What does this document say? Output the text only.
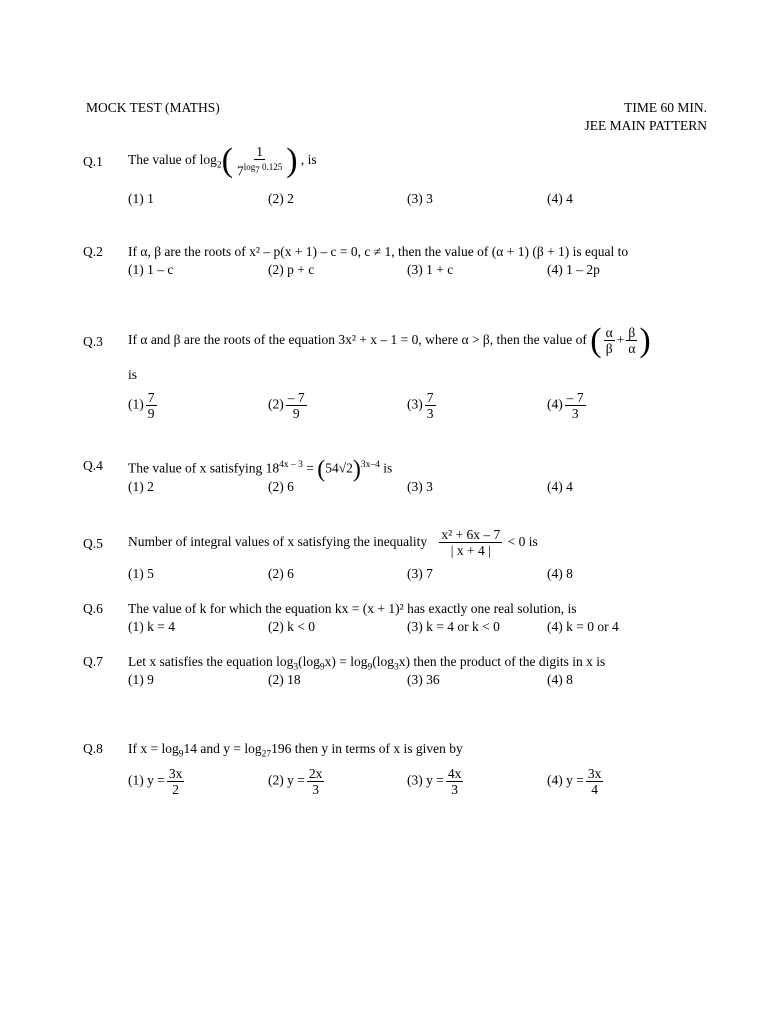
MOCK TEST (MATHS)	TIME 60 MIN.
JEE MAIN PATTERN
Q.1 The value of $\log_2( \frac{1}{7^{log_7 0.125}}$ ) , is
(1) 1	(2) 2	(3) 3	(4) 4
Q.2 If α, β are the roots of x² – p(x + 1) – c = 0, c ≠ 1, then the value of (α + 1) (β + 1) is equal to
(1) 1 – c	(2) p + c	(3) 1 + c	(4) 1 – 2p
Q.3 If α and β are the roots of the equation 3x² + x – 1 = 0, where α > β, then the value of ( $\frac{\alpha}{\beta} + \frac{\beta}{\alpha}$ )
is
$(1) \frac{7}{9}$	$(2) \frac{- 7}{9}$	$(3) \frac{7}{3}$	$(4) \frac{- 7}{3}$
Q.4 The value of x satisfying $18^{4x - 3} = (54√2)^{3x-4}$ is
(1) 2	(2) 6	(3) 3	(4) 4
Q.5 Number of integral values of x satisfying the inequality $\frac{\text{x² + 6x – 7}}{| x + 4 |} < 0$ is
(1) 5	(2) 6	(3) 7	(4) 8
Q.6 The value of k for which the equation kx = (x + 1)² has exactly one real solution, is
(1) k = 4	(2) k < 0	(3) k = 4 or k < 0	(4) k = 0 or 4
Q.7 Let x satisfies the equation $\log_3(\log_9x) = \log_9(\log_3x)$ then the product of the digits in x is
(1) 9	(2) 18	(3) 36	(4) 8
Q.8 If $x = \log_914$ and $y = \log_{27}196$ then y in terms of x is given by
(1) $y = \frac{3x}{2}$	(2) $y = \frac{2x}{3}$	(3) $y = \frac{4x}{3}$	(4) $y = \frac{3x}{4}$
